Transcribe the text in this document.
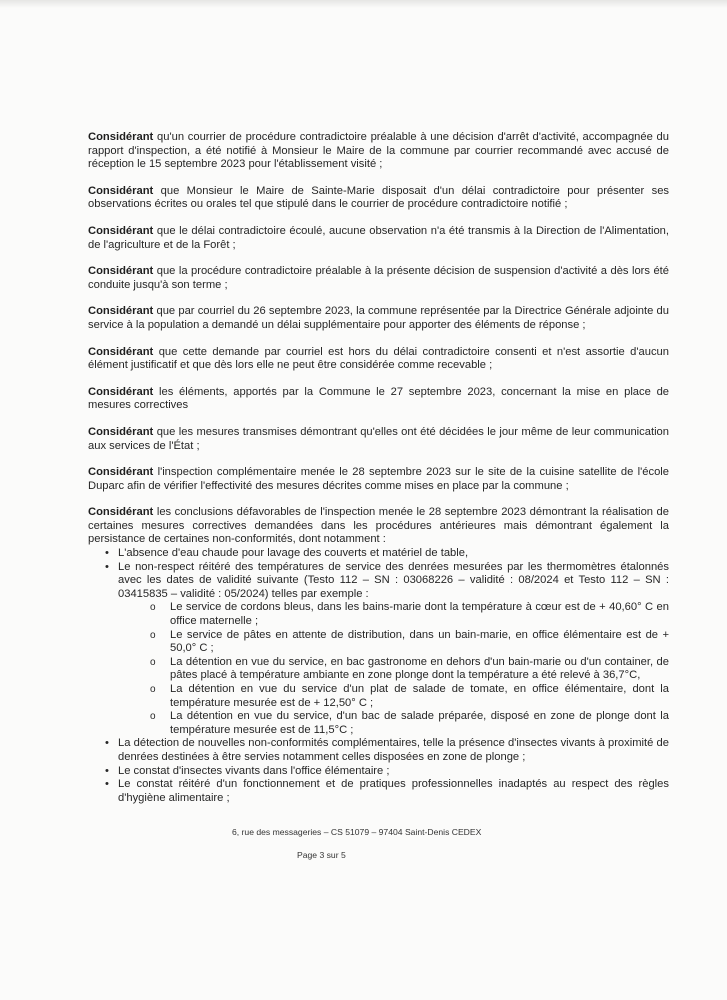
Considérant qu'un courrier de procédure contradictoire préalable à une décision d'arrêt d'activité, accompagnée du rapport d'inspection, a été notifié à Monsieur le Maire de la commune par courrier recommandé avec accusé de réception le 15 septembre 2023 pour l'établissement visité ;

Considérant que Monsieur le Maire de Sainte-Marie disposait d'un délai contradictoire pour présenter ses observations écrites ou orales tel que stipulé dans le courrier de procédure contradictoire notifié ;

Considérant que le délai contradictoire écoulé, aucune observation n'a été transmis à la Direction de l'Alimentation, de l'agriculture et de la Forêt ;

Considérant que la procédure contradictoire préalable à la présente décision de suspension d'activité a dès lors été conduite jusqu'à son terme ;

Considérant que par courriel du 26 septembre 2023, la commune représentée par la Directrice Générale adjointe du service à la population a demandé un délai supplémentaire pour apporter des éléments de réponse ;

Considérant que cette demande par courriel est hors du délai contradictoire consenti et n'est assortie d'aucun élément justificatif et que dès lors elle ne peut être considérée comme recevable ;

Considérant les éléments, apportés par la Commune le 27 septembre 2023, concernant la mise en place de mesures correctives

Considérant que les mesures transmises démontrant qu'elles ont été décidées le jour même de leur communication aux services de l'État ;

Considérant l'inspection complémentaire menée le 28 septembre 2023 sur le site de la cuisine satellite de l'école Duparc afin de vérifier l'effectivité des mesures décrites comme mises en place par la commune ;

Considérant les conclusions défavorables de l'inspection menée le 28 septembre 2023 démontrant la réalisation de certaines mesures correctives demandées dans les procédures antérieures mais démontrant également la persistance de certaines non-conformités, dont notamment :
• L'absence d'eau chaude pour lavage des couverts et matériel de table,
• Le non-respect réitéré des températures de service des denrées mesurées par les thermomètres étalonnés avec les dates de validité suivante (Testo 112 – SN : 03068226 – validité : 08/2024 et Testo 112 – SN : 03415835 – validité : 05/2024) telles par exemple :
o Le service de cordons bleus, dans les bains-marie dont la température à cœur est de + 40,60° C en office maternelle ;
o Le service de pâtes en attente de distribution, dans un bain-marie, en office élémentaire est de + 50,0° C ;
o La détention en vue du service, en bac gastronome en dehors d'un bain-marie ou d'un container, de pâtes placé à température ambiante en zone plonge dont la température a été relevé à 36,7°C,
o La détention en vue du service d'un plat de salade de tomate, en office élémentaire, dont la température mesurée est de + 12,50° C ;
o La détention en vue du service, d'un bac de salade préparée, disposé en zone de plonge dont la température mesurée est de 11,5°C ;
• La détection de nouvelles non-conformités complémentaires, telle la présence d'insectes vivants à proximité de denrées destinées à être servies notamment celles disposées en zone de plonge ;
• Le constat d'insectes vivants dans l'office élémentaire ;
• Le constat réitéré d'un fonctionnement et de pratiques professionnelles inadaptés au respect des règles d'hygiène alimentaire ;
6, rue des messageries – CS 51079 – 97404 Saint-Denis CEDEX
Page 3 sur 5
